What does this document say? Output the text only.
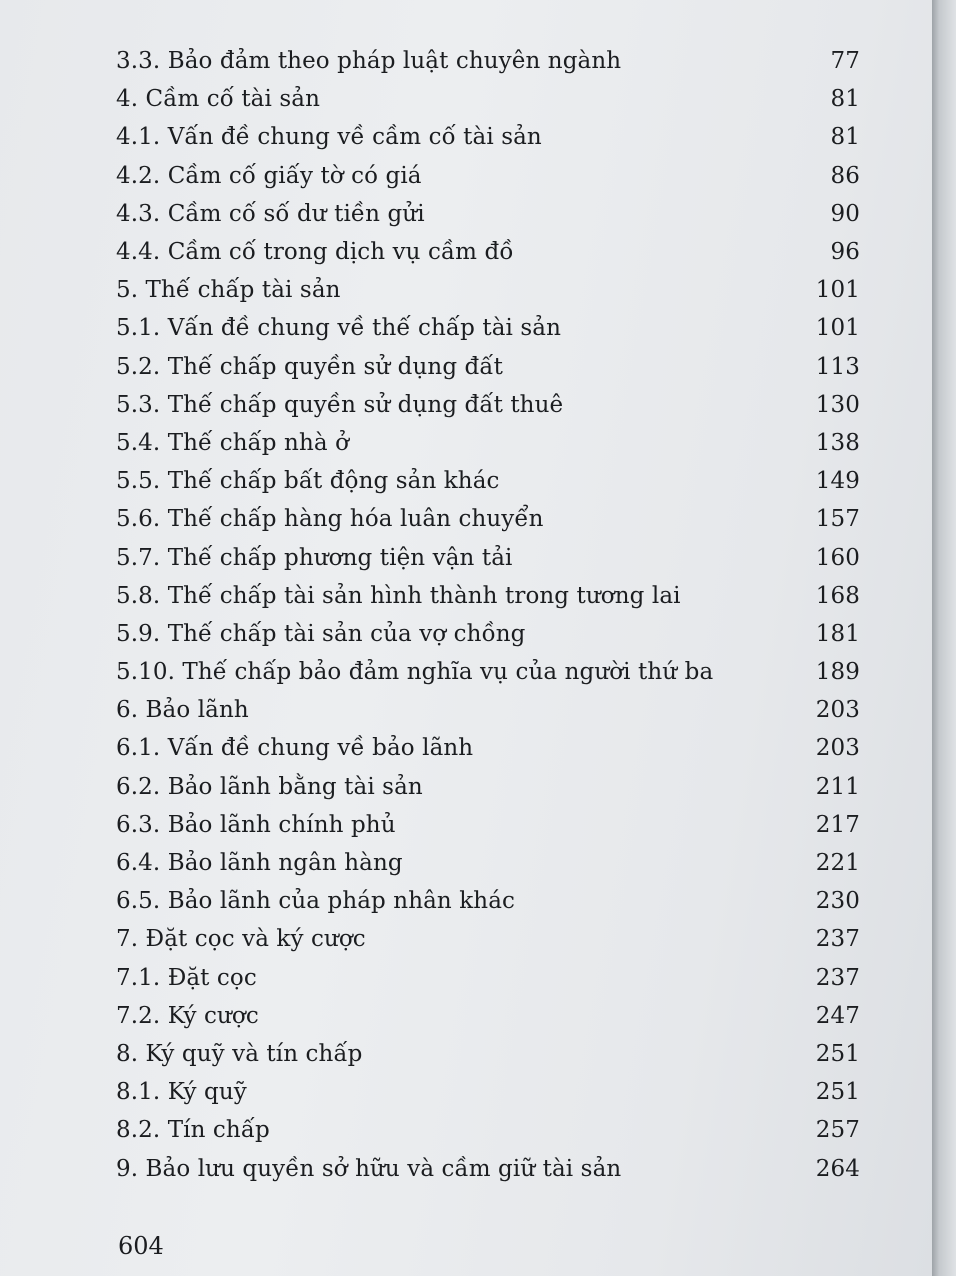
3.3. Bảo đảm theo pháp luật chuyên ngành	77
4. Cầm cố tài sản	81
4.1. Vấn đề chung về cầm cố tài sản	81
4.2. Cầm cố giấy tờ có giá	86
4.3. Cầm cố số dư tiền gửi	90
4.4. Cầm cố trong dịch vụ cầm đồ	96
5. Thế chấp tài sản	101
5.1. Vấn đề chung về thế chấp tài sản	101
5.2. Thế chấp quyền sử dụng đất	113
5.3. Thế chấp quyền sử dụng đất thuê	130
5.4. Thế chấp nhà ở	138
5.5. Thế chấp bất động sản khác	149
5.6. Thế chấp hàng hóa luân chuyển	157
5.7. Thế chấp phương tiện vận tải	160
5.8. Thế chấp tài sản hình thành trong tương lai	168
5.9. Thế chấp tài sản của vợ chồng	181
5.10. Thế chấp bảo đảm nghĩa vụ của người thứ ba	189
6. Bảo lãnh	203
6.1. Vấn đề chung về bảo lãnh	203
6.2. Bảo lãnh bằng tài sản	211
6.3. Bảo lãnh chính phủ	217
6.4. Bảo lãnh ngân hàng	221
6.5. Bảo lãnh của pháp nhân khác	230
7. Đặt cọc và ký cược	237
7.1. Đặt cọc	237
7.2. Ký cược	247
8. Ký quỹ và tín chấp	251
8.1. Ký quỹ	251
8.2. Tín chấp	257
9. Bảo lưu quyền sở hữu và cầm giữ tài sản	264
604
